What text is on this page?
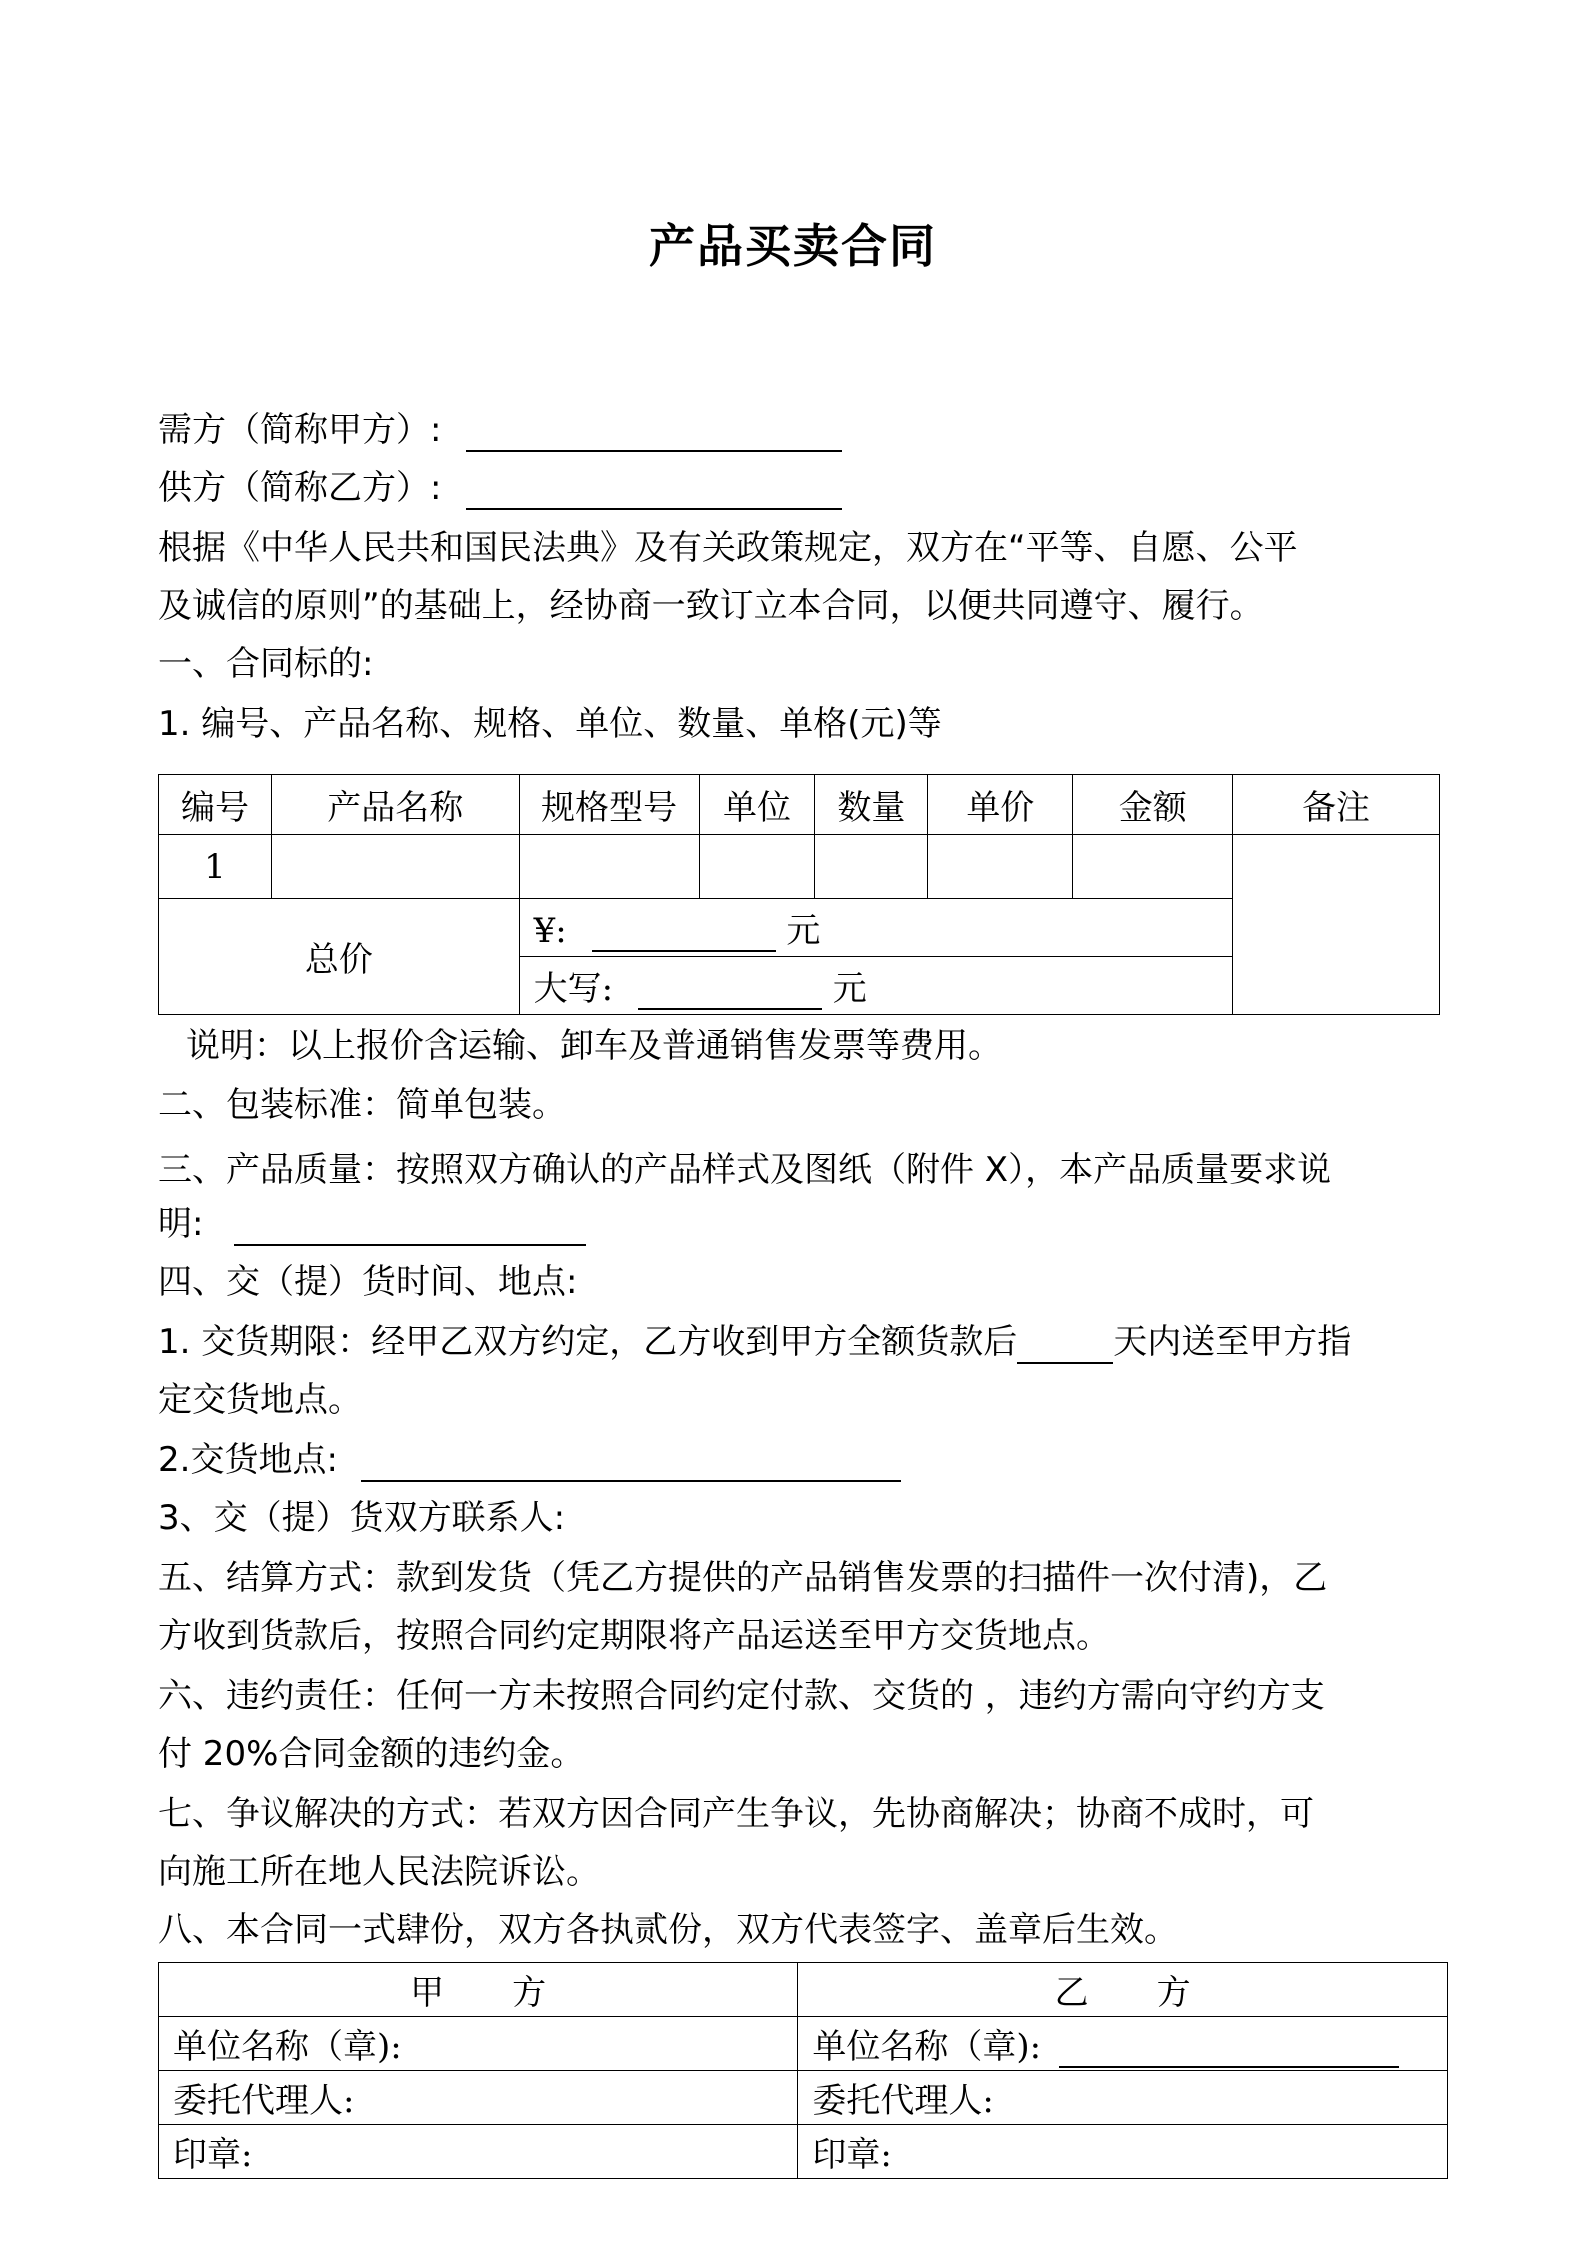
产品买卖合同
需方（简称甲方）:
供方（简称乙方）:
根据《中华人民共和国民法典》及有关政策规定，双方在“平等、自愿、公平
及诚信的原则”的基础上，经协商一致订立本合同，以便共同遵守、履行。
一、合同标的:
1. 编号、产品名称、规格、单位、数量、单格(元)等
编号	产品名称	规格型号	单位	数量	单价	金额	备注
1							
总价		¥: 元					
		大写: 元					
说明：以上报价含运输、卸车及普通销售发票等费用。
二、包装标准：简单包装。
三、产品质量：按照双方确认的产品样式及图纸（附件 X），本产品质量要求说
明:
四、交（提）货时间、地点:
1. 交货期限：经甲乙双方约定，乙方收到甲方全额货款后	天内送至甲方指
定交货地点。
2.交货地点:
3、交（提）货双方联系人:
五、结算方式：款到发货（凭乙方提供的产品销售发票的扫描件一次付清)，乙
方收到货款后，按照合同约定期限将产品运送至甲方交货地点。
六、违约责任：任何一方未按照合同约定付款、交货的 ，违约方需向守约方支
付 20%合同金额的违约金。
七、争议解决的方式：若双方因合同产生争议，先协商解决；协商不成时，可
向施工所在地人民法院诉讼。
八、本合同一式肆份，双方各执贰份，双方代表签字、盖章后生效。
甲　　方	乙　　方
单位名称（章):	单位名称（章):
委托代理人:	委托代理人:
印章:	印章:
